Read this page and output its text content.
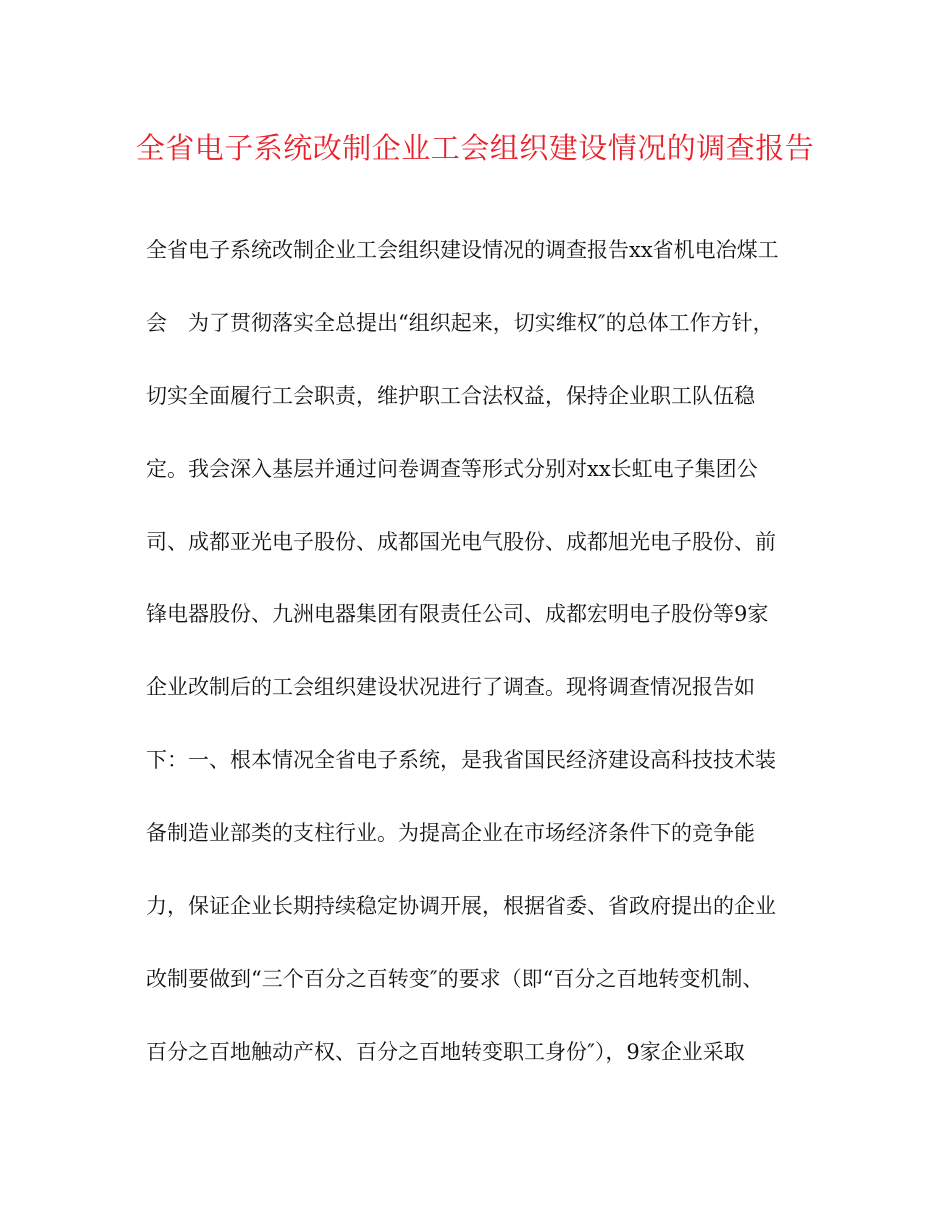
全省电子系统改制企业工会组织建设情况的调查报告
全省电子系统改制企业工会组织建设情况的调查报告xx省机电冶煤工
会　为了贯彻落实全总提出“组织起来，切实维权″的总体工作方针，
切实全面履行工会职责，维护职工合法权益，保持企业职工队伍稳
定。我会深入基层并通过问卷调查等形式分别对xx长虹电子集团公
司、成都亚光电子股份、成都国光电气股份、成都旭光电子股份、前
锋电器股份、九洲电器集团有限责任公司、成都宏明电子股份等9家
企业改制后的工会组织建设状况进行了调查。现将调查情况报告如
下：一、根本情况全省电子系统，是我省国民经济建设高科技技术装
备制造业部类的支柱行业。为提高企业在市场经济条件下的竞争能
力，保证企业长期持续稳定协调开展，根据省委、省政府提出的企业
改制要做到“三个百分之百转变″的要求（即“百分之百地转变机制、
百分之百地触动产权、百分之百地转变职工身份″），9家企业采取
